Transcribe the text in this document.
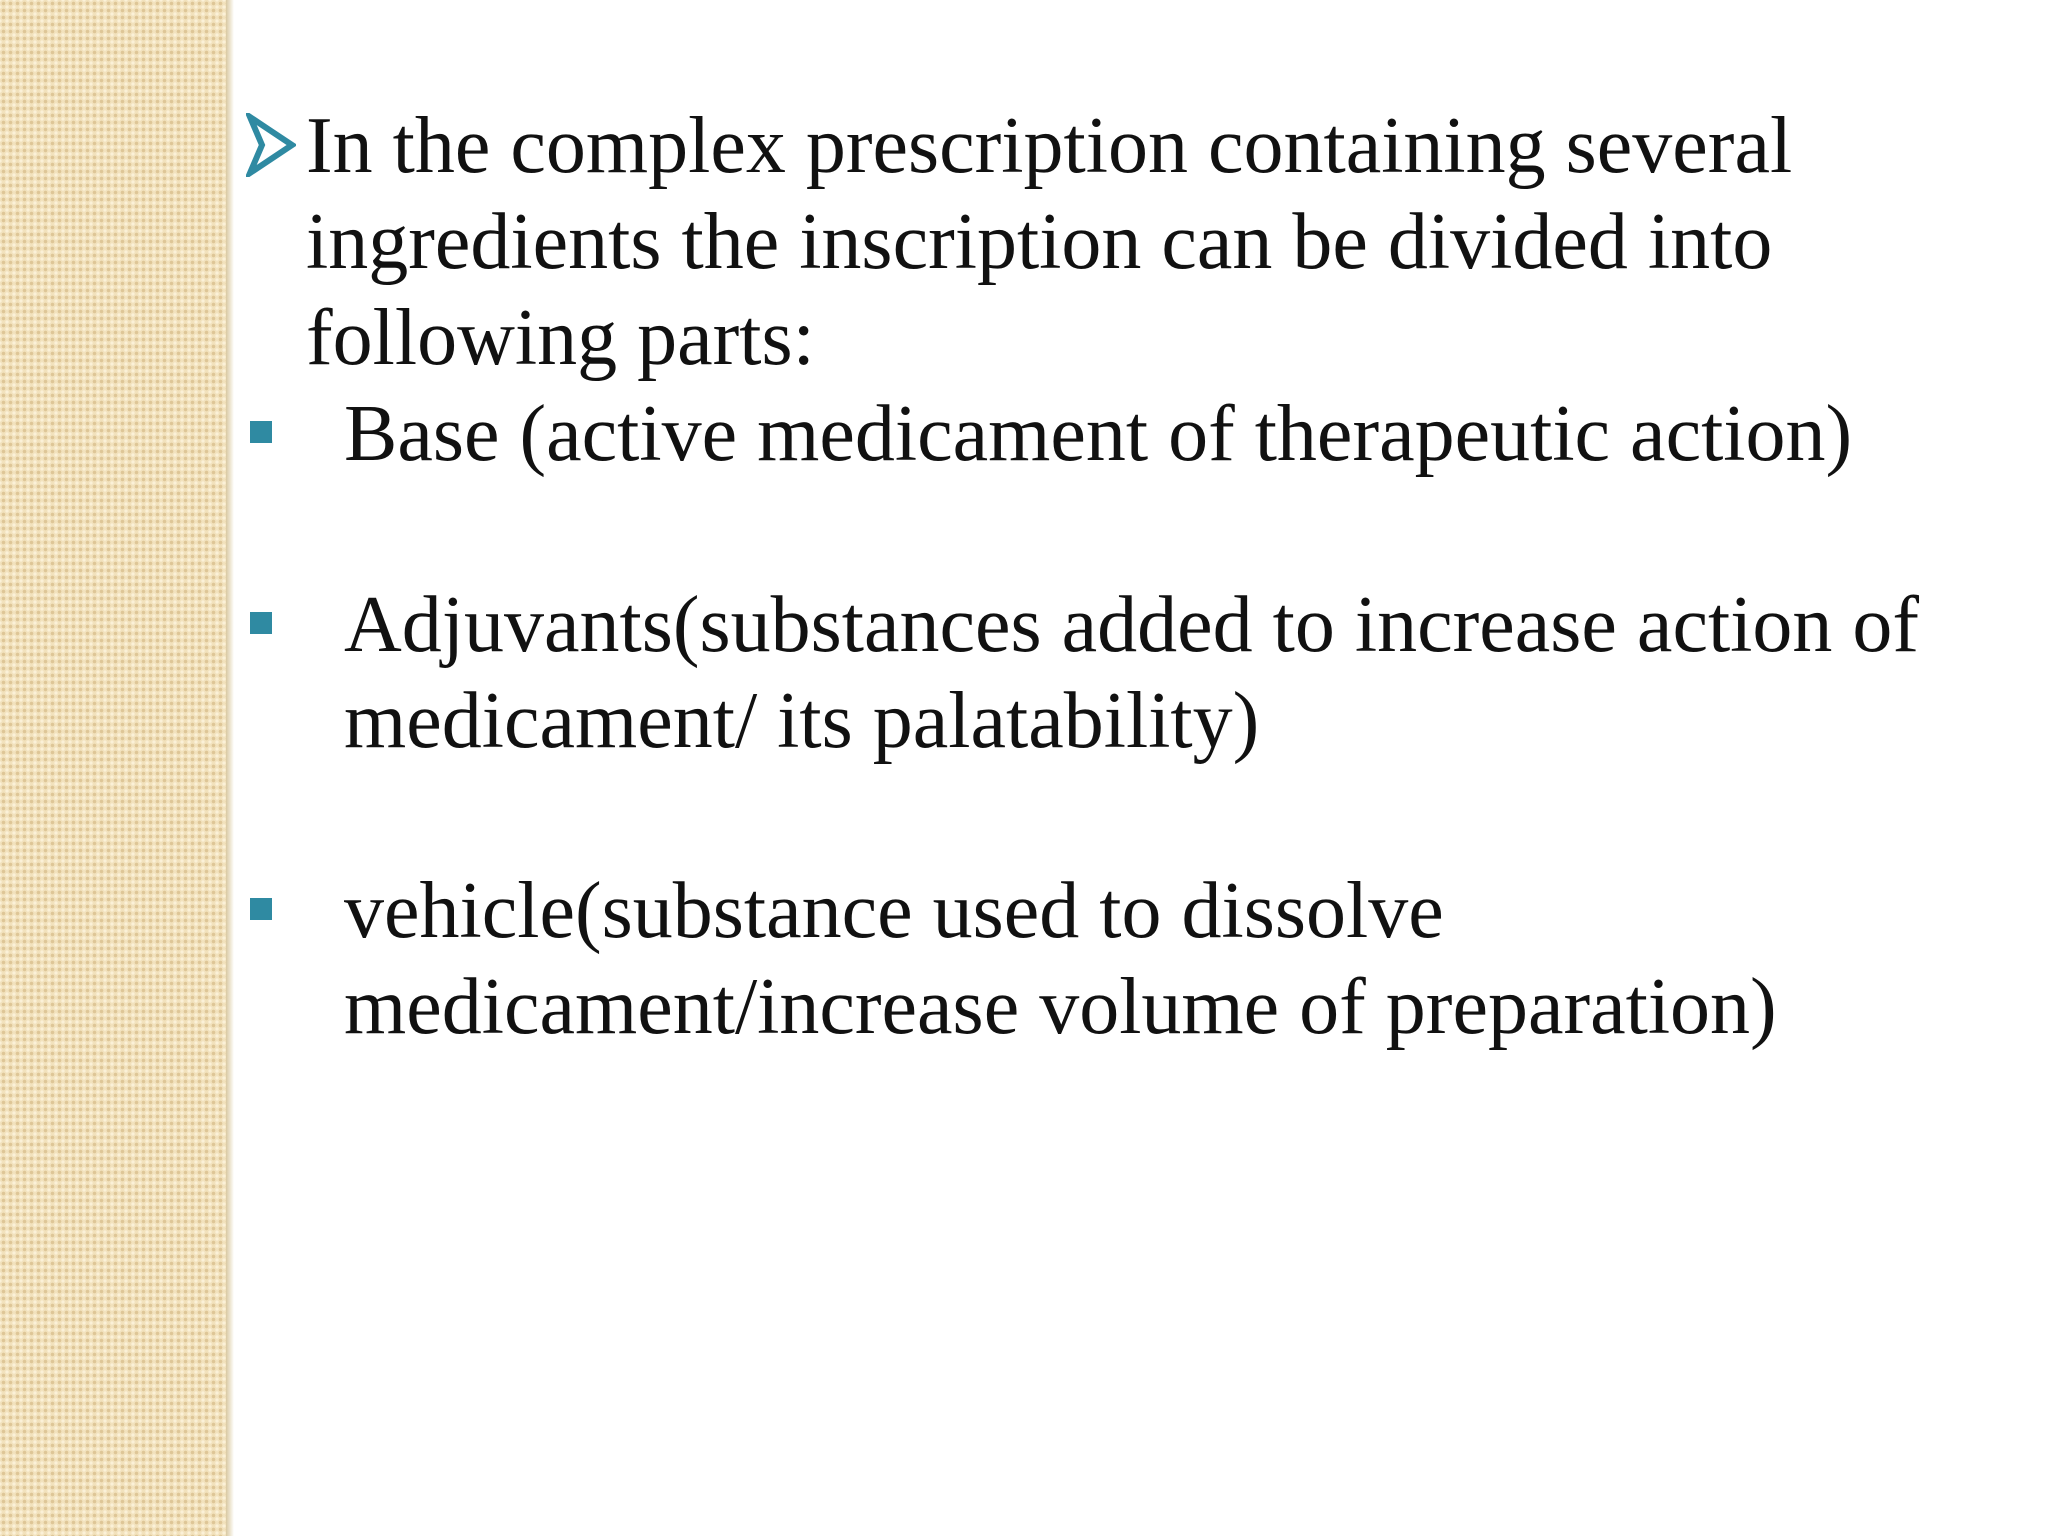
In the complex prescription containing several
ingredients the inscription can be divided into
following parts:
Base (active medicament of therapeutic action)
Adjuvants(substances added to increase action of
medicament/ its palatability)
vehicle(substance used to dissolve
medicament/increase volume of preparation)
